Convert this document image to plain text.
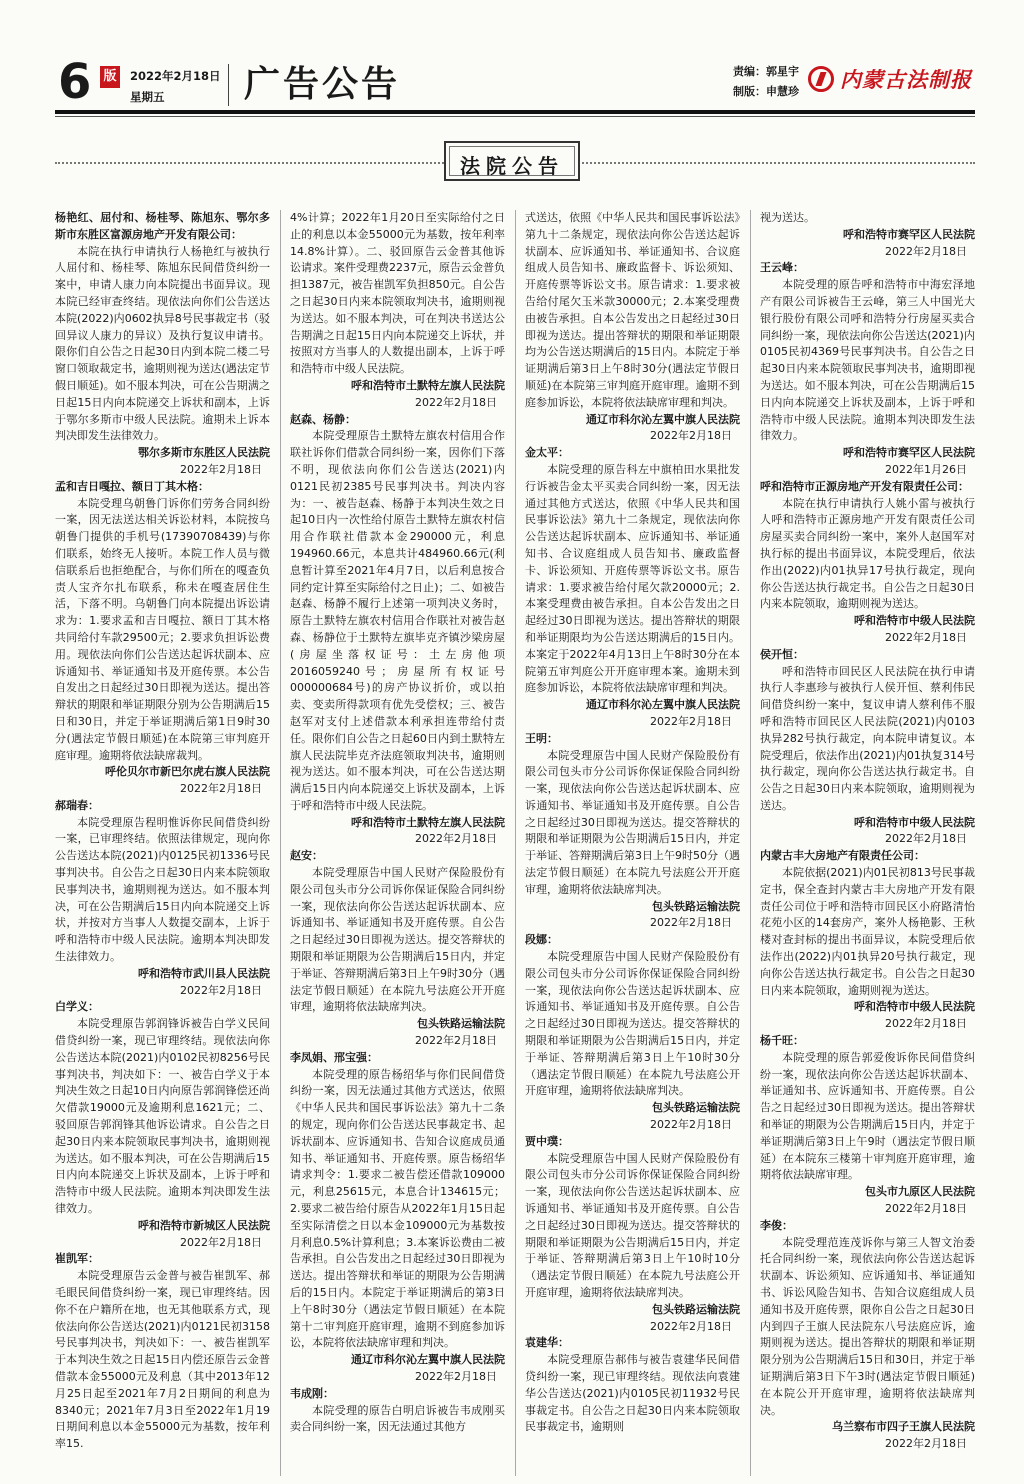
6 版	2022年2月18日
星期五 广告公告	责编：郭星宇
制版：申慧珍 内蒙古法制报
法院公告
杨艳红、屈付和、杨桂琴、陈旭东、鄂尔多斯市东胜区富源房地产开发有限公司：

本院在执行申请执行人杨艳红与被执行人屈付和、杨桂琴、陈旭东民间借贷纠纷一案中，申请人康力向本院提出书面异议。现本院已经审查终结。现依法向你们公告送达本院(2022)内0602执异8号民事裁定书（驳回异议人康力的异议）及执行复议申请书。限你们自公告之日起30日内到本院二楼二号窗口领取裁定书，逾期则视为送达(遇法定节假日顺延)。如不服本判决，可在公告期满之日起15日内向本院递交上诉状和副本，上诉于鄂尔多斯市中级人民法院。逾期未上诉本判决即发生法律效力。

鄂尔多斯市东胜区人民法院
2022年2月18日
孟和吉日嘎拉、额日丁其木格：

本院受理乌朝鲁门诉你们劳务合同纠纷一案，因无法送达相关诉讼材料，本院按乌朝鲁门提供的手机号(17390708439)与你们联系，始终无人接听。本院工作人员与微信联系后也拒绝配合，与你们所在的嘎查负责人宝齐尔扎布联系，称未在嘎查居住生活，下落不明。乌朝鲁门向本院提出诉讼请求为：1.要求孟和吉日嘎拉、额日丁其木格共同给付车款29500元；2.要求负担诉讼费用。现依法向你们公告送达起诉状副本、应诉通知书、举证通知书及开庭传票。本公告自发出之日起经过30日即视为送达。提出答辩状的期限和举证期限分别为公告期满后15日和30日，并定于举证期满后第1日9时30分(遇法定节假日顺延)在本院第三审判庭开庭审理。逾期将依法缺席裁判。

呼伦贝尔市新巴尔虎右旗人民法院
2022年2月18日
郝瑞春：

本院受理原告程明惟诉你民间借贷纠纷一案，已审理终结。依照法律规定，现向你公告送达本院(2021)内0125民初1336号民事判决书。自公告之日起30日内来本院领取民事判决书，逾期则视为送达。如不服本判决，可在公告期满后15日内向本院递交上诉状，并按对方当事人人数提交副本，上诉于呼和浩特市中级人民法院。逾期本判决即发生法律效力。

呼和浩特市武川县人民法院
2022年2月18日
白学义：

本院受理原告郭润锋诉被告白学义民间借贷纠纷一案，现已审理终结。现依法向你公告送达本院(2021)内0102民初8256号民事判决书，判决如下：一、被告白学义于本判决生效之日起10日内向原告郭润锋偿还尚欠借款19000元及逾期利息1621元；二、驳回原告郭润锋其他诉讼请求。自公告之日起30日内来本院领取民事判决书，逾期则视为送达。如不服本判决，可在公告期满后15日内向本院递交上诉状及副本，上诉于呼和浩特市中级人民法院。逾期本判决即发生法律效力。

呼和浩特市新城区人民法院
2022年2月18日
崔凯军：

本院受理原告云金普与被告崔凯军、郝毛眼民间借贷纠纷一案，现已审理终结。因你不在户籍所在地，也无其他联系方式，现依法向你公告送达(2021)内0121民初3158号民事判决书，判决如下：一、被告崔凯军于本判决生效之日起15日内偿还原告云金普借款本金55000元及利息（其中2013年12月25日起至2021年7月2日期间的利息为8340元；2021年7月3日至2022年1月19日期间利息以本金55000元为基数，按年利率15.

4%计算；2022年1月20日至实际给付之日止的利息以本金55000元为基数，按年利率14.8%计算）。二、驳回原告云金普其他诉讼请求。案件受理费2237元，原告云金普负担1387元，被告崔凯军负担850元。自公告之日起30日内来本院领取判决书，逾期则视为送达。如不服本判决，可在判决书送达公告期满之日起15日内向本院递交上诉状，并按照对方当事人的人数提出副本，上诉于呼和浩特市中级人民法院。

呼和浩特市土默特左旗人民法院
2022年2月18日
赵森、杨静：

本院受理原告土默特左旗农村信用合作联社诉你们借款合同纠纷一案，因你们下落不明，现依法向你们公告送达(2021)内0121民初2385号民事判决书。判决内容为：一、被告赵森、杨静于本判决生效之日起10日内一次性给付原告土默特左旗农村信用合作联社借款本金290000元，利息194960.66元，本息共计484960.66元(利息暂计算至2021年4月7日，以后利息按合同约定计算至实际给付之日止)；二、如被告赵森、杨静不履行上述第一项判决义务时，原告土默特左旗农村信用合作联社对被告赵森、杨静位于土默特左旗毕克齐镇沙梁房屋(房屋坐落权证号：土左房他项2016059240号；房屋所有权证号000000684号)的房产协议折价，或以拍卖、变卖所得款项有优先受偿权；三、被告赵军对支付上述借款本利承担连带给付责任。限你们自公告之日起60日内到土默特左旗人民法院毕克齐法庭领取判决书，逾期则视为送达。如不服本判决，可在公告送达期满后15日内向本院递交上诉状及副本，上诉于呼和浩特市中级人民法院。

呼和浩特市土默特左旗人民法院
2022年2月18日
赵安：

本院受理原告中国人民财产保险股份有限公司包头市分公司诉你保证保险合同纠纷一案，现依法向你公告送达起诉状副本、应诉通知书、举证通知书及开庭传票。自公告之日起经过30日即视为送达。提交答辩状的期限和举证期限为公告期满后15日内，并定于举证、答辩期满后第3日上午9时30分（遇法定节假日顺延）在本院九号法庭公开开庭审理，逾期将依法缺席判决。

包头铁路运输法院
2022年2月18日
李凤娟、邢宝强：

本院受理的原告杨绍华与你们民间借贷纠纷一案，因无法通过其他方式送达，依照《中华人民共和国民事诉讼法》第九十二条的规定，现向你们公告送达民事裁定书、起诉状副本、应诉通知书、告知合议庭成员通知书、举证通知书、开庭传票。原告杨绍华请求判令：1.要求二被告偿还借款109000元，利息25615元，本息合计134615元；2.要求二被告给付原告从2022年1月15日起至实际清偿之日以本金109000元为基数按月利息0.5%计算利息；3.本案诉讼费由二被告承担。自公告发出之日起经过30日即视为送达。提出答辩状和举证的期限为公告期满后的15日内。本院定于举证期满后的第3日上午8时30分（遇法定节假日顺延）在本院第十二审判庭开庭审理，逾期不到庭参加诉讼，本院将依法缺席审理和判决。

通辽市科尔沁左翼中旗人民法院
2022年2月18日
韦成刚：

本院受理的原告白明启诉被告韦成刚买卖合同纠纷一案，因无法通过其他方

式送达，依照《中华人民共和国民事诉讼法》第九十二条规定，现依法向你公告送达起诉状副本、应诉通知书、举证通知书、合议庭组成人员告知书、廉政监督卡、诉讼须知、开庭传票等诉讼文书。原告请求：1.要求被告给付尾欠玉米款30000元；2.本案受理费由被告承担。自本公告发出之日起经过30日即视为送达。提出答辩状的期限和举证期限均为公告送达期满后的15日内。本院定于举证期满后第3日上午8时30分(遇法定节假日顺延)在本院第三审判庭开庭审理。逾期不到庭参加诉讼，本院将依法缺席审理和判决。

通辽市科尔沁左翼中旗人民法院
2022年2月18日
金太平：

本院受理的原告科左中旗柏田水果批发行诉被告金太平买卖合同纠纷一案，因无法通过其他方式送达，依照《中华人民共和国民事诉讼法》第九十二条规定，现依法向你公告送达起诉状副本、应诉通知书、举证通知书、合议庭组成人员告知书、廉政监督卡、诉讼须知、开庭传票等诉讼文书。原告请求：1.要求被告给付尾欠款20000元；2.本案受理费由被告承担。自本公告发出之日起经过30日即视为送达。提出答辩状的期限和举证期限均为公告送达期满后的15日内。本案定于2022年4月13日上午8时30分在本院第五审判庭公开开庭审理本案。逾期未到庭参加诉讼，本院将依法缺席审理和判决。

通辽市科尔沁左翼中旗人民法院
2022年2月18日
王明：

本院受理原告中国人民财产保险股份有限公司包头市分公司诉你保证保险合同纠纷一案，现依法向你公告送达起诉状副本、应诉通知书、举证通知书及开庭传票。自公告之日起经过30日即视为送达。提交答辩状的期限和举证期限为公告期满后15日内，并定于举证、答辩期满后第3日上午9时50分（遇法定节假日顺延）在本院九号法庭公开开庭审理，逾期将依法缺席判决。

包头铁路运输法院
2022年2月18日
段娜：

本院受理原告中国人民财产保险股份有限公司包头市分公司诉你保证保险合同纠纷一案，现依法向你公告送达起诉状副本、应诉通知书、举证通知书及开庭传票。自公告之日起经过30日即视为送达。提交答辩状的期限和举证期限为公告期满后15日内，并定于举证、答辩期满后第3日上午10时30分（遇法定节假日顺延）在本院九号法庭公开开庭审理，逾期将依法缺席判决。

包头铁路运输法院
2022年2月18日
贾中璞：

本院受理原告中国人民财产保险股份有限公司包头市分公司诉你保证保险合同纠纷一案，现依法向你公告送达起诉状副本、应诉通知书、举证通知书及开庭传票。自公告之日起经过30日即视为送达。提交答辩状的期限和举证期限为公告期满后15日内，并定于举证、答辩期满后第3日上午10时10分（遇法定节假日顺延）在本院九号法庭公开开庭审理，逾期将依法缺席判决。

包头铁路运输法院
2022年2月18日
袁建华：

本院受理原告郝伟与被告袁建华民间借贷纠纷一案，现已审理终结。现依法向袁建华公告送达(2021)内0105民初11932号民事裁定书。自公告之日起30日内来本院领取民事裁定书，逾期则

视为送达。

呼和浩特市赛罕区人民法院
2022年2月18日
王云峰：

本院受理的原告呼和浩特市中海宏泽地产有限公司诉被告王云峰，第三人中国光大银行股份有限公司呼和浩特分行房屋买卖合同纠纷一案，现依法向你公告送达(2021)内0105民初4369号民事判决书。自公告之日起30日内来本院领取民事判决书，逾期即视为送达。如不服本判决，可在公告期满后15日内向本院递交上诉状及副本，上诉于呼和浩特市中级人民法院。逾期本判决即发生法律效力。

呼和浩特市赛罕区人民法院
2022年1月26日
呼和浩特市正源房地产开发有限责任公司：

本院在执行申请执行人姚小雷与被执行人呼和浩特市正源房地产开发有限责任公司房屋买卖合同纠纷一案中，案外人赵国军对执行标的提出书面异议，本院受理后，依法作出(2022)内01执异17号执行裁定，现向你公告送达执行裁定书。自公告之日起30日内来本院领取，逾期则视为送达。

呼和浩特市中级人民法院
2022年2月18日
侯开恒：

呼和浩特市回民区人民法院在执行申请执行人李惠珍与被执行人侯开恒、蔡利伟民间借贷纠纷一案中，复议申请人蔡利伟不服呼和浩特市回民区人民法院(2021)内0103执异282号执行裁定，向本院申请复议。本院受理后，依法作出(2021)内01执复314号执行裁定，现向你公告送达执行裁定书。自公告之日起30日内来本院领取，逾期则视为送达。

呼和浩特市中级人民法院
2022年2月18日
内蒙古丰大房地产有限责任公司：

本院依据(2021)内01民初813号民事裁定书，保全查封内蒙古丰大房地产开发有限责任公司位于呼和浩特市回民区小府路清怡花苑小区的14套房产，案外人杨艳影、王秋楼对查封标的提出书面异议，本院受理后依法作出(2022)内01执异20号执行裁定，现向你公告送达执行裁定书。自公告之日起30日内来本院领取，逾期则视为送达。

呼和浩特市中级人民法院
2022年2月18日
杨千旺：

本院受理的原告郭爱俊诉你民间借贷纠纷一案，现依法向你公告送达起诉状副本、举证通知书、应诉通知书、开庭传票。自公告之日起经过30日即视为送达。提出答辩状和举证的期限为公告期满后15日内，并定于举证期满后第3日上午9时（遇法定节假日顺延）在本院东三楼第十审判庭开庭审理，逾期将依法缺席审理。

包头市九原区人民法院
2022年2月18日
李俊：

本院受理范连茂诉你与第三人智文治委托合同纠纷一案，现依法向你公告送达起诉状副本、诉讼须知、应诉通知书、举证通知书、诉讼风险告知书、告知合议庭组成人员通知书及开庭传票，限你自公告之日起30日内到四子王旗人民法院东八号法庭应诉，逾期则视为送达。提出答辩状的期限和举证期限分别为公告期满后15日和30日，并定于举证期满后第3日下午3时(遇法定节假日顺延)在本院公开开庭审理，逾期将依法缺席判决。

乌兰察布市四子王旗人民法院
2022年2月18日
